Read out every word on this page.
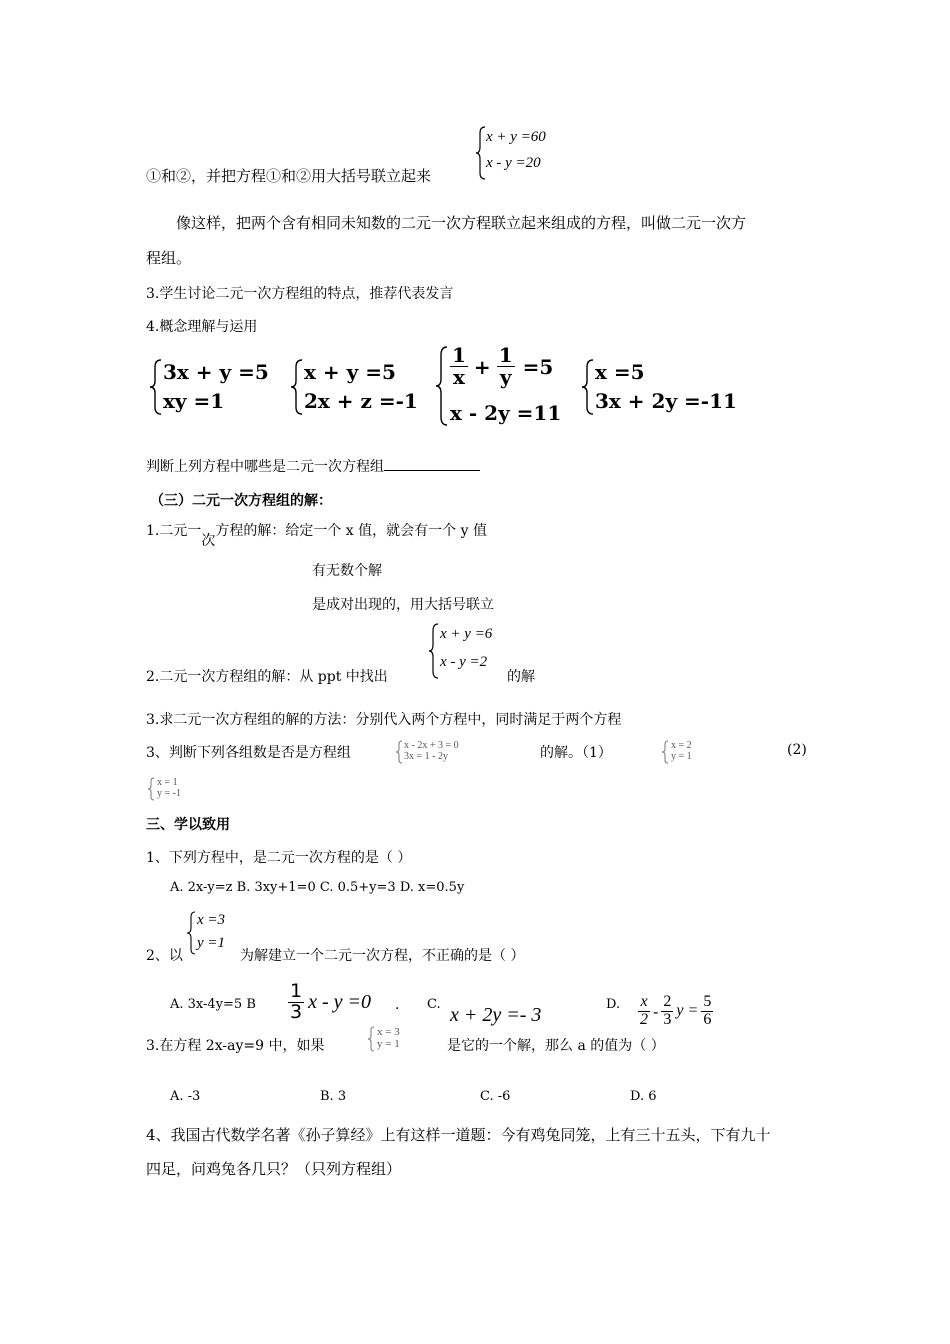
x + y =60
x - y =20
①和②，并把方程①和②用大括号联立起来
像这样，把两个含有相同未知数的二元一次方程联立起来组成的方程，叫做二元一次方
程组。
3.学生讨论二元一次方程组的特点，推荐代表发言
4.概念理解与运用
3x + y =5
xy =1
x + y =5
2x + z =-1
$\frac{1}{x} + \frac{1}{y} =5$
x - 2y =11
x =5
3x + 2y =-11
判断上列方程中哪些是二元一次方程组
（三）二元一次方程组的解：
1.二元一次方程的解：给定一个 x 值，就会有一个 y 值
有无数个解
是成对出现的，用大括号联立
x + y =6
x - y =2
2.二元一次方程组的解：从 ppt 中找出	的解
3.求二元一次方程组的解的方法：分别代入两个方程中，同时满足于两个方程
3、判断下列各组数是否是方程组	x - 2x + 3 = 0
3x = 1 - 2y	的解。（1）	x = 2
y = 1	(2)
x = 1
y = -1
三、学以致用
1、下列方程中，是二元一次方程的是（ ）
A. 2x-y=z B. 3xy+1=0 C. 0.5+y=3 D. x=0.5y
x =3
y =1
2、以	为解建立一个二元一次方程，不正确的是（ ）
A. 3x-4y=5 B $\frac{1}{3}$ x - y =0 . C. x + 2y =- 3	D. $\frac{x}{2} - \frac{2}{3}$ $y = \frac{5}{6}$
3.在方程 2x-ay=9 中，如果
x = 3
y = 1	是它的一个解，那么 a 的值为（ ）
A. -3	B. 3	C. -6	D. 6
4、我国古代数学名著《孙子算经》上有这样一道题：今有鸡兔同笼，上有三十五头，下有九十
四足，问鸡兔各几只？（只列方程组）
